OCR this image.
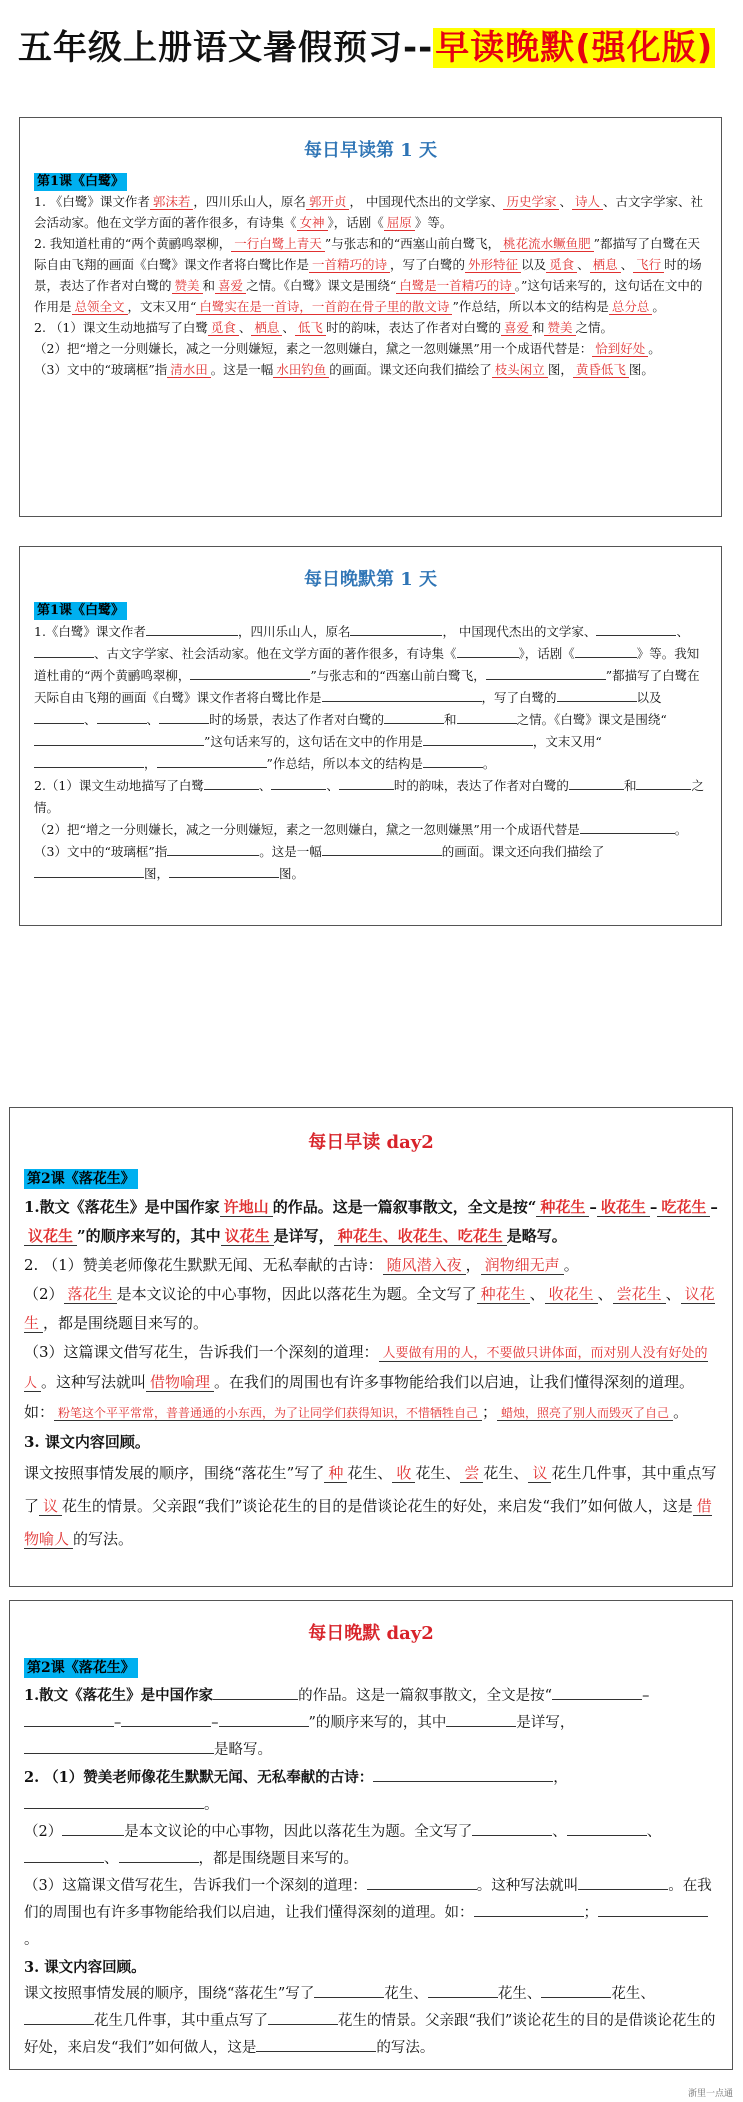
五年级上册语文暑假预习--早读晚默(强化版)

每日早读第 1 天

第1课《白鹭》

1. 《白鹭》课文作者 郭沫若 ，四川乐山人，原名 郭开贞 ， 中国现代杰出的文学家、 历史学家 、 诗人 、古文字学家、社会活动家。他在文学方面的著作很多，有诗集《 女神 》，话剧《 屈原 》等。

2. 我知道杜甫的“两个黄鹂鸣翠柳， 一行白鹭上青天 ”与张志和的“西塞山前白鹭飞， 桃花流水鳜鱼肥 ”都描写了白鹭在天际自由飞翔的画面《白鹭》课文作者将白鹭比作是 一首精巧的诗 ，写了白鹭的 外形特征 以及 觅食 、 栖息 、 飞行 时的场景，表达了作者对白鹭的 赞美 和 喜爱 之情。《白鹭》课文是围绕“ 白鹭是一首精巧的诗 。”这句话来写的，这句话在文中的作用是 总领全文 ，文末又用“ 白鹭实在是一首诗，一首韵在骨子里的散文诗 ”作总结，所以本文的结构是 总分总 。

2. （1）课文生动地描写了白鹭 觅食 、 栖息 、 低飞 时的韵味，表达了作者对白鹭的 喜爱 和 赞美 之情。

（2）把“增之一分则嫌长，减之一分则嫌短，素之一忽则嫌白，黛之一忽则嫌黑”用一个成语代替是： 恰到好处 。

（3）文中的“玻璃框”指 清水田 。这是一幅 水田钓鱼 的画面。课文还向我们描绘了 枝头闲立 图， 黄昏低飞 图。

每日晚默第 1 天

第1课《白鹭》

1.《白鹭》课文作者	，四川乐山人，原名	， 中国现代杰出的文学家、	、、古文字学家、社会活动家。他在文学方面的著作很多，有诗集《	》，话剧《	》等。我知道杜甫的“两个黄鹂鸣翠柳，	”与张志和的“西塞山前白鹭飞，	”都描写了白鹭在天际自由飞翔的画面《白鹭》课文作者将白鹭比作是	，写了白鹭的	以及、	、	时的场景，表达了作者对白鹭的	和	之情。《白鹭》课文是围绕“”这句话来写的，这句话在文中的作用是	，文末又用“，	”作总结，所以本文的结构是	。

2.（1）课文生动地描写了白鹭	、	、	时的韵味，表达了作者对白鹭的	和	之情。

（2）把“增之一分则嫌长，减之一分则嫌短，素之一忽则嫌白，黛之一忽则嫌黑”用一个成语代替是	。

（3）文中的“玻璃框”指	。这是一幅	的画面。课文还向我们描绘了图，	图。

每日早读 day2

第2课《落花生》

1.散文《落花生》是中国作家 许地山 的作品。这是一篇叙事散文，全文是按“ 种花生 – 收花生 – 吃花生 –议花生 ”的顺序来写的，其中 议花生 是详写， 种花生、收花生、吃花生 是略写。

2. （1）赞美老师像花生默默无闻、无私奉献的古诗： 随风潜入夜 ， 润物细无声 。

（2） 落花生 是本文议论的中心事物，因此以落花生为题。全文写了 种花生 、 收花生 、 尝花生 、 议花生 ，都是围绕题目来写的。

（3）这篇课文借写花生，告诉我们一个深刻的道理： 人要做有用的人，不要做只讲体面，而对别人没有好处的人 。这种写法就叫 借物喻理 。在我们的周围也有许多事物能给我们以启迪，让我们懂得深刻的道理。如： 粉笔这个平平常常，普普通通的小东西，为了让同学们获得知识，不惜牺牲自己 ； 蜡烛，照亮了别人而毁灭了自己 。

3. 课文内容回顾。

课文按照事情发展的顺序，围绕“落花生”写了 种 花生、 收 花生、 尝 花生、 议 花生几件事，其中重点写了 议 花生的情景。父亲跟“我们”谈论花生的目的是借谈论花生的好处，来启发“我们”如何做人，这是 借物喻人 的写法。

每日晚默 day2

第2课《落花生》

1.散文《落花生》是中国作家	的作品。这是一篇叙事散文，全文是按“	––	–	”的顺序来写的，其中	是详写，是略写。

2. （1）赞美老师像花生默默无闻、无私奉献的古诗：	，。

（2）	是本文议论的中心事物，因此以落花生为题。全文写了	、	、、	，都是围绕题目来写的。

（3）这篇课文借写花生，告诉我们一个深刻的道理：	。这种写法就叫	。在我们的周围也有许多事物能给我们以启迪，让我们懂得深刻的道理。如：	；。

3. 课文内容回顾。

课文按照事情发展的顺序，围绕“落花生”写了	花生、	花生、	花生、花生几件事，其中重点写了	花生的情景。父亲跟“我们”谈论花生的目的是借谈论花生的好处，来启发“我们”如何做人，这是	的写法。

浙里一点通
